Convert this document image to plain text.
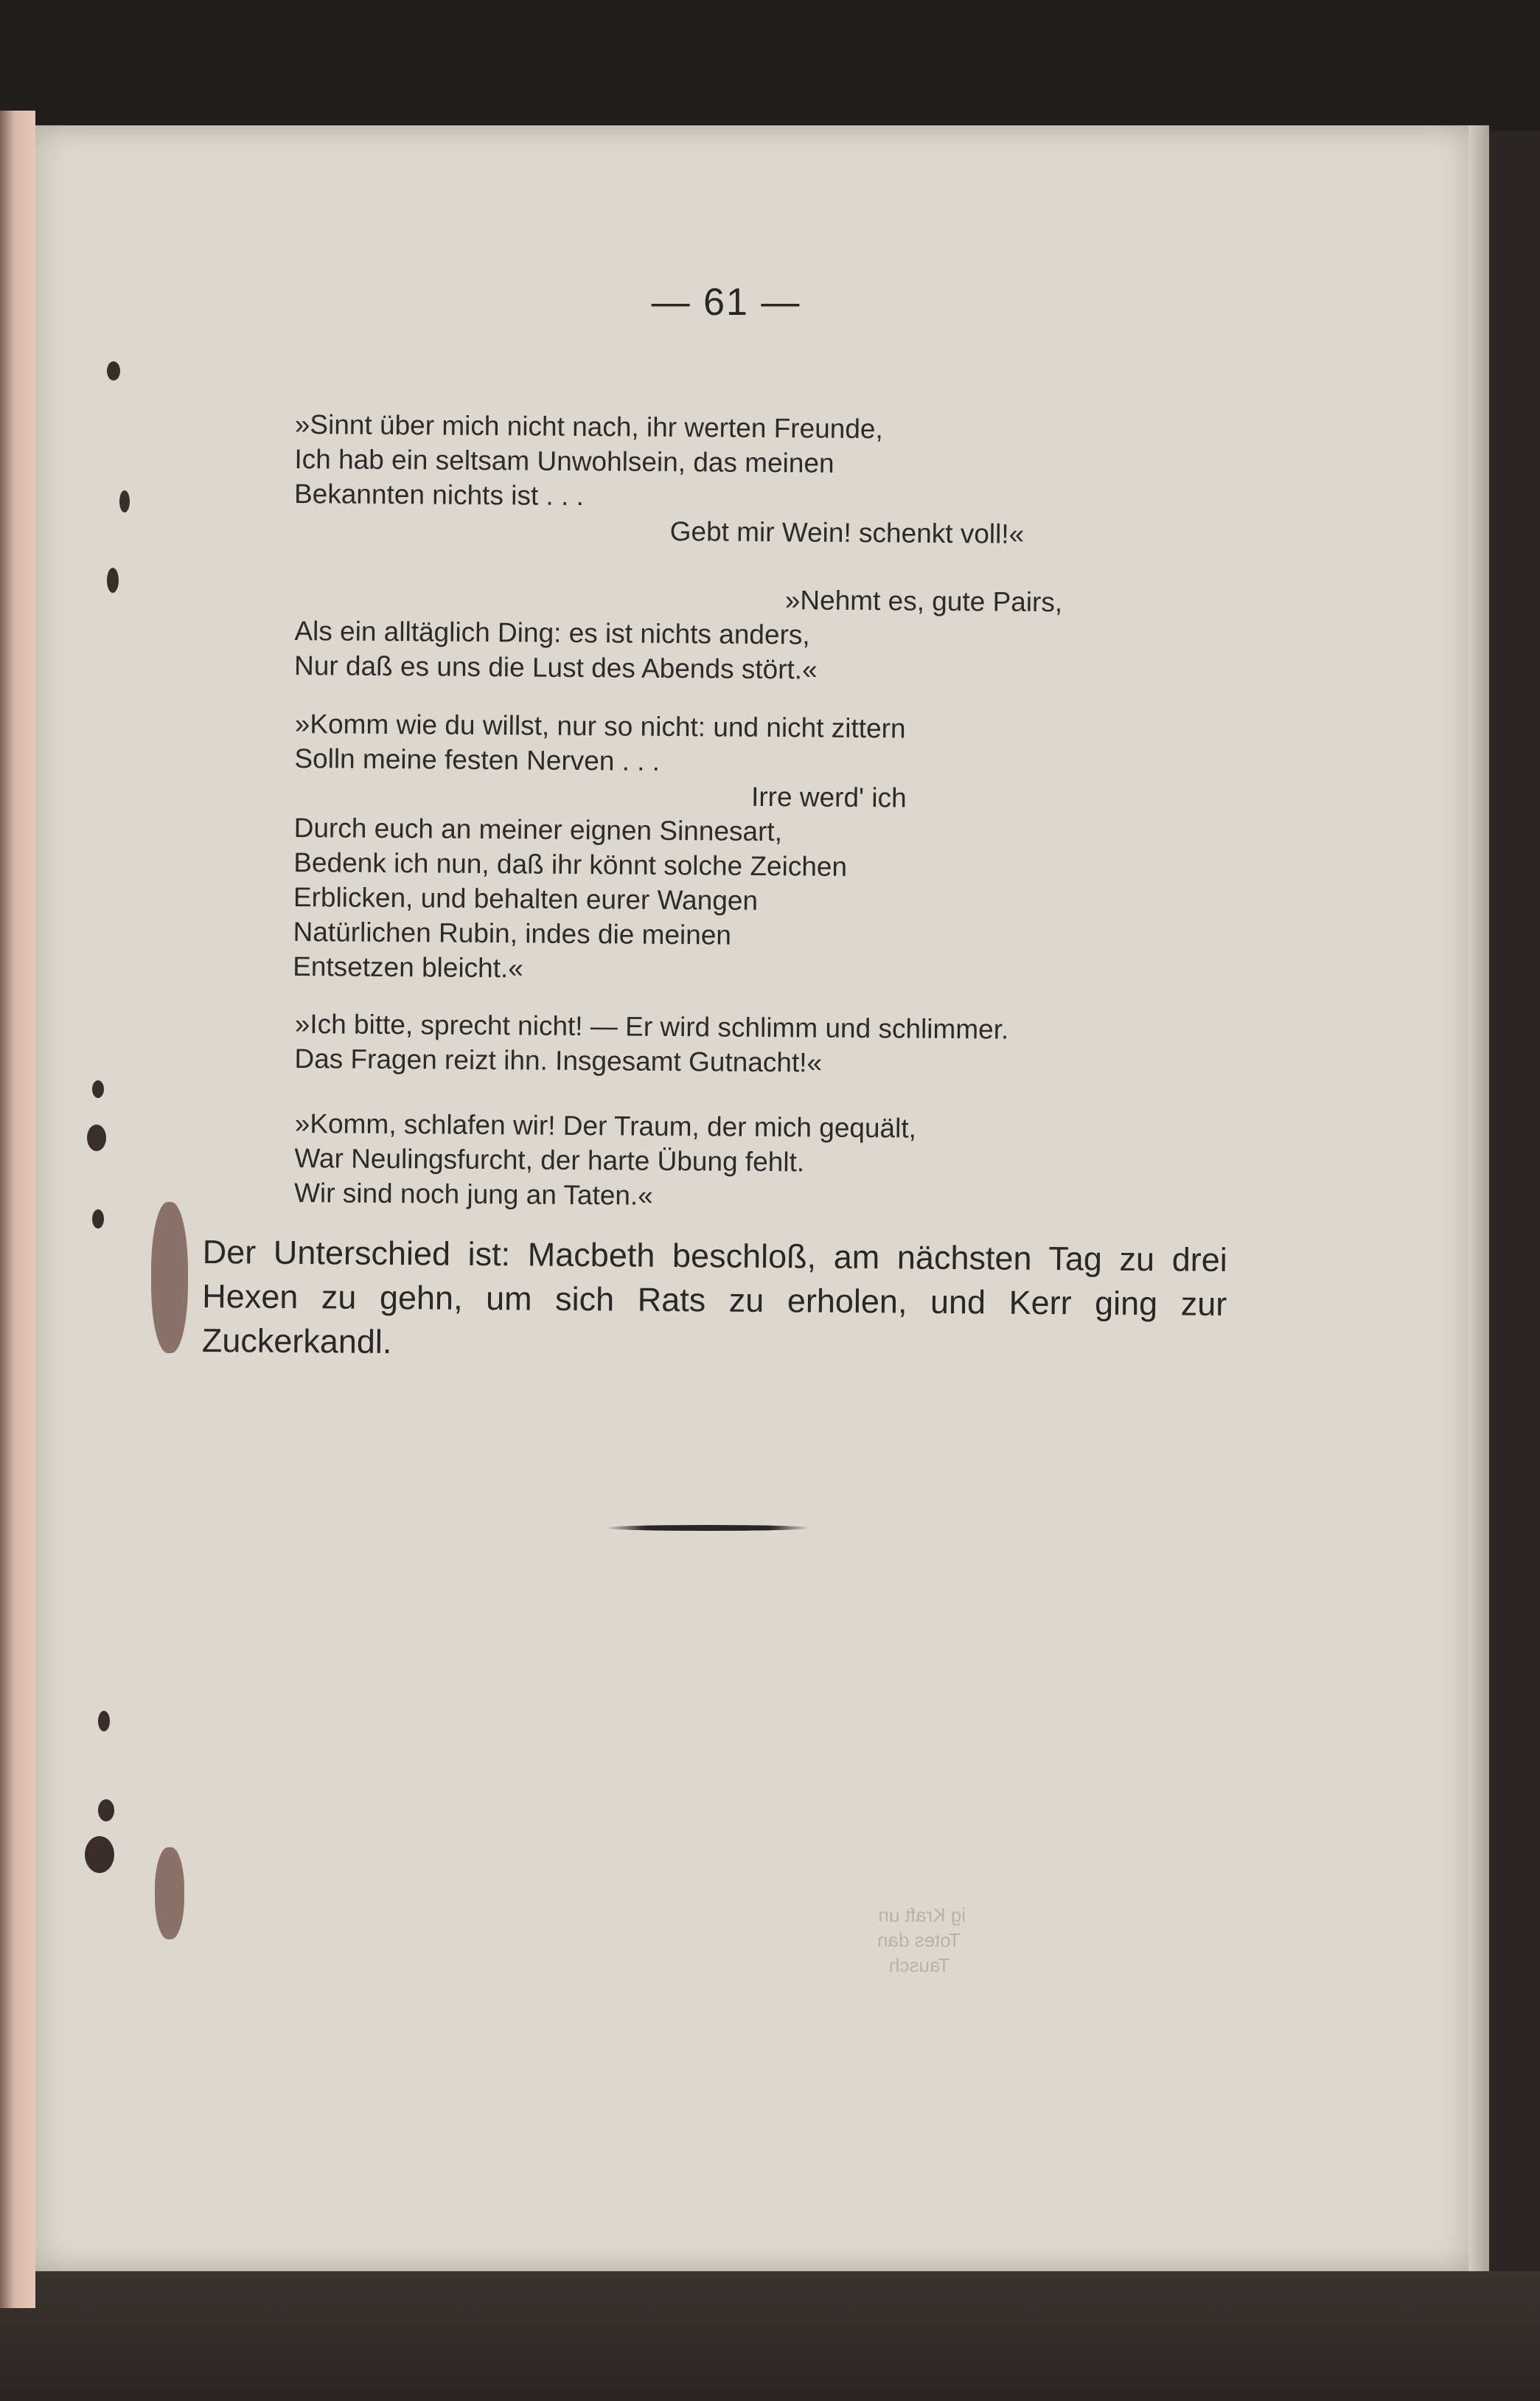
— 61 —
»Sinnt über mich nicht nach, ihr werten Freunde,
Ich hab ein seltsam Unwohlsein, das meinen
Bekannten nichts ist . . .
Gebt mir Wein! schenkt voll!«
»Nehmt es, gute Pairs,
Als ein alltäglich Ding: es ist nichts anders,
Nur daß es uns die Lust des Abends stört.«
»Komm wie du willst, nur so nicht: und nicht zittern
Solln meine festen Nerven . . .
Irre werd' ich
Durch euch an meiner eignen Sinnesart,
Bedenk ich nun, daß ihr könnt solche Zeichen
Erblicken, und behalten eurer Wangen
Natürlichen Rubin, indes die meinen
Entsetzen bleicht.«
»Ich bitte, sprecht nicht! — Er wird schlimm und schlimmer.
Das Fragen reizt ihn. Insgesamt Gutnacht!«
»Komm, schlafen wir! Der Traum, der mich gequält,
War Neulingsfurcht, der harte Übung fehlt.
Wir sind noch jung an Taten.«
Der Unterschied ist: Macbeth beschloß, am nächsten Tag zu drei Hexen zu gehn, um sich Rats zu erholen, und Kerr ging zur Zuckerkandl.
ig Kraft un
Totes dan
Tausch
